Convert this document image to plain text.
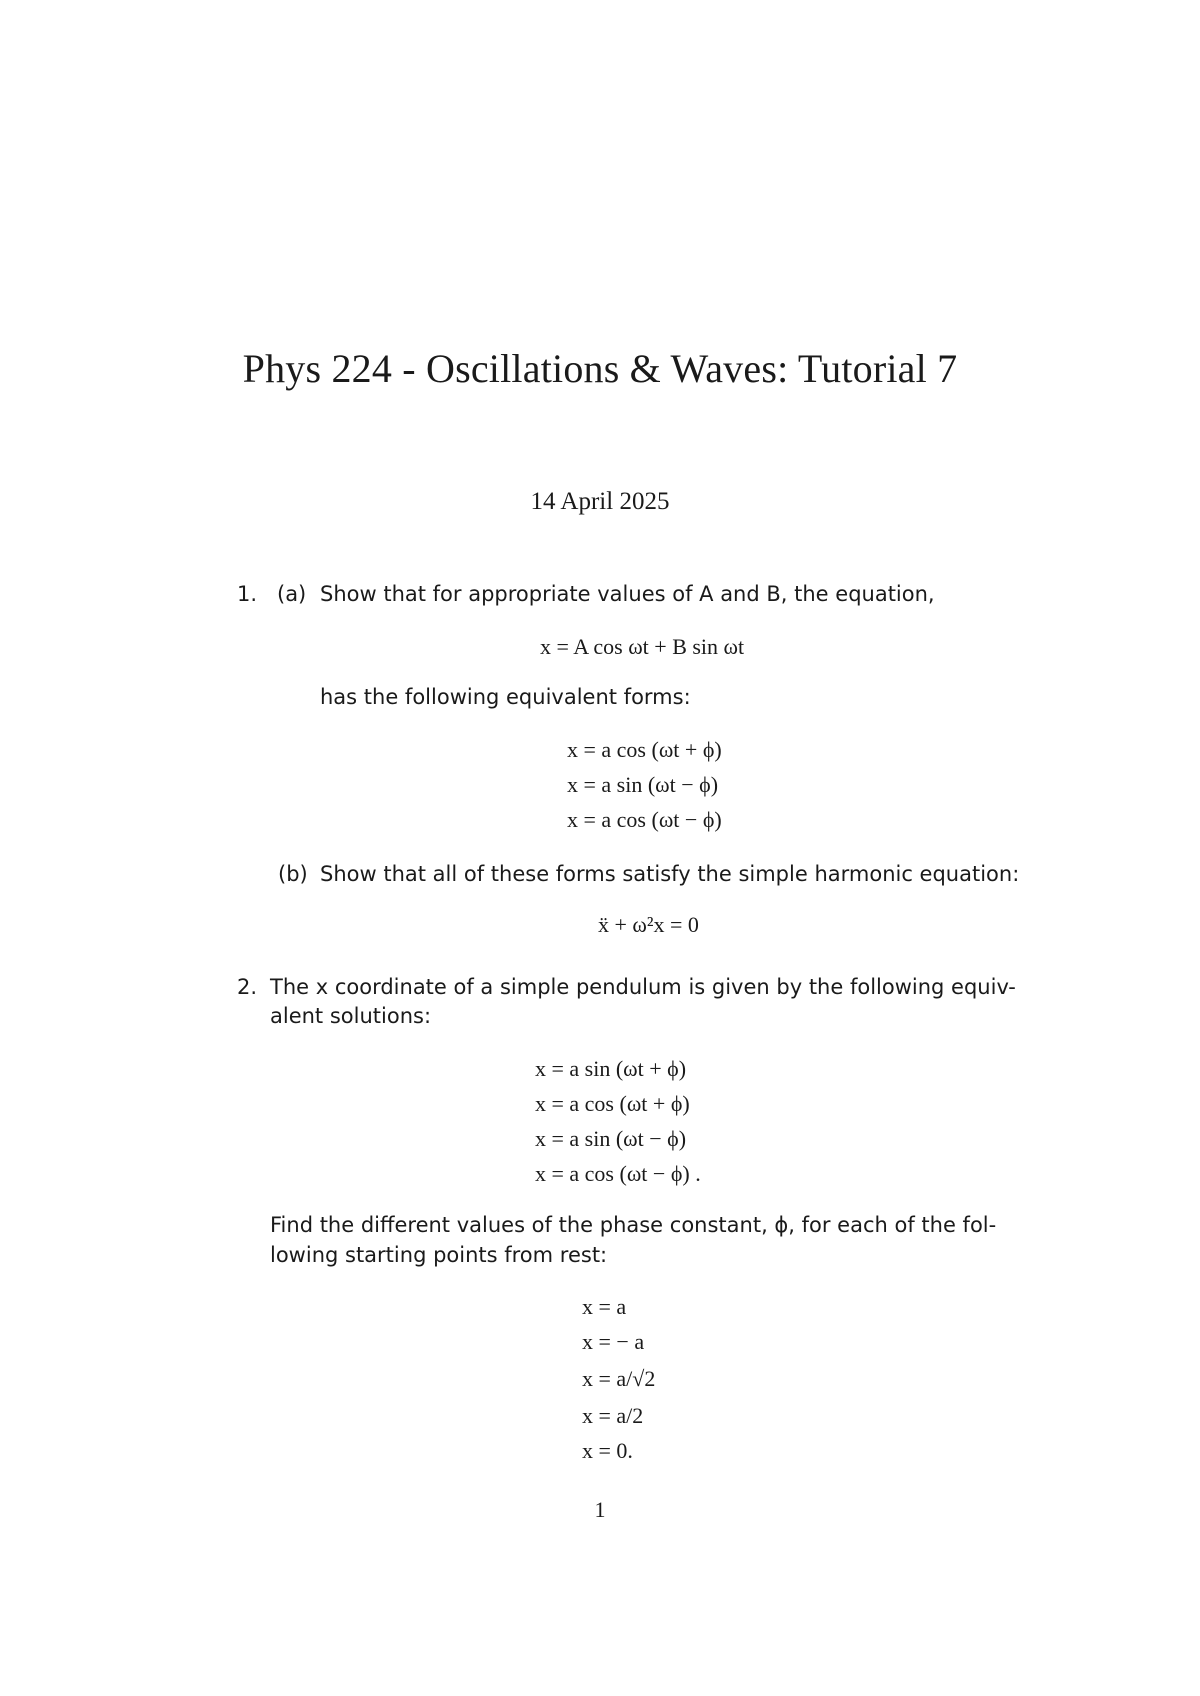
Phys 224 - Oscillations & Waves: Tutorial 7
14 April 2025
1. (a) Show that for appropriate values of A and B, the equation,
x = A cos ωt + B sin ωt
has the following equivalent forms:
x = a cos (ωt + ϕ)
x = a sin (ωt − ϕ)
x = a cos (ωt − ϕ)
(b) Show that all of these forms satisfy the simple harmonic equation:
ẍ + ω²x = 0
2. The x coordinate of a simple pendulum is given by the following equiv-
alent solutions:
x = a sin (ωt + ϕ)
x = a cos (ωt + ϕ)
x = a sin (ωt − ϕ)
x = a cos (ωt − ϕ) .
Find the different values of the phase constant, ϕ, for each of the fol-
lowing starting points from rest:
x = a
x = − a
x = a/√2
x = a/2
x = 0.
1
